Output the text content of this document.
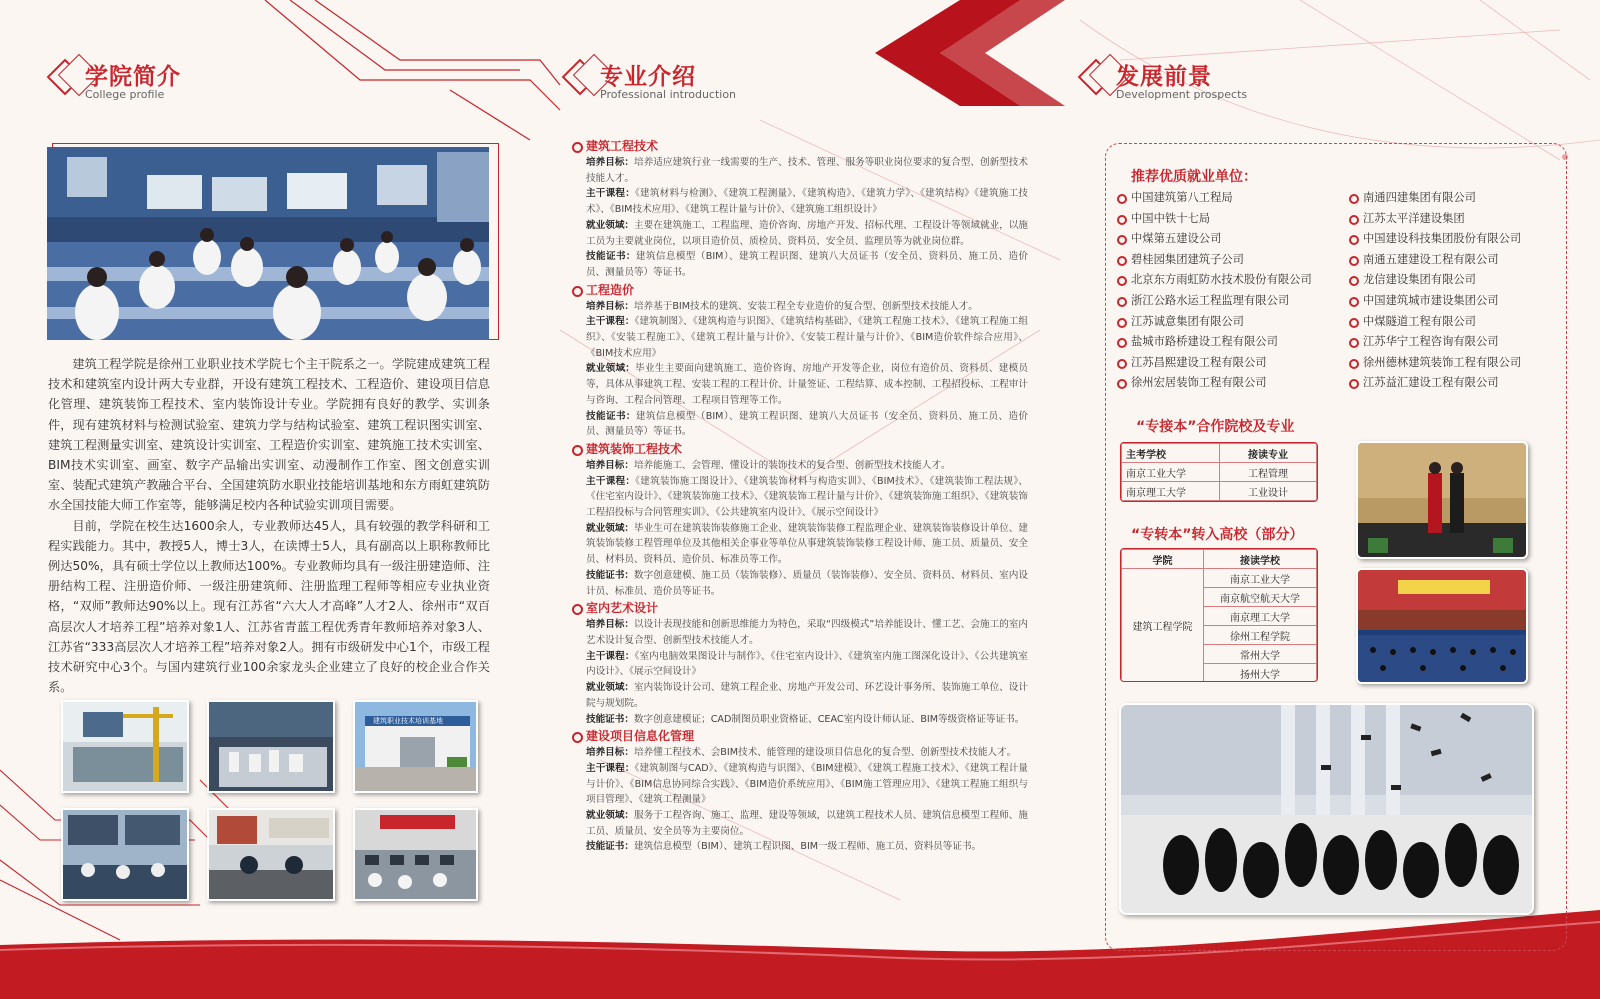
学院简介
College profile

建筑工程学院是徐州工业职业技术学院七个主干院系之一。学院建成建筑工程技术和建筑室内设计两大专业群，开设有建筑工程技术、工程造价、建设项目信息化管理、建筑装饰工程技术、室内装饰设计专业。学院拥有良好的教学、实训条件，现有建筑材料与检测试验室、建筑力学与结构试验室、建筑工程识图实训室、建筑工程测量实训室、建筑设计实训室、工程造价实训室、建筑施工技术实训室、BIM技术实训室、画室、数字产品输出实训室、动漫制作工作室、图文创意实训室、装配式建筑产教融合平台、全国建筑防水职业技能培训基地和东方雨虹建筑防水全国技能大师工作室等，能够满足校内各种试验实训项目需要。

目前，学院在校生达1600余人，专业教师达45人，具有较强的教学科研和工程实践能力。其中，教授5人，博士3人，在读博士5人，具有副高以上职称教师比例达50%，具有硕士学位以上教师达100%。专业教师均具有一级注册建造师、注册结构工程、注册造价师、一级注册建筑师、注册监理工程师等相应专业执业资格，“双师”教师达90%以上。现有江苏省“六大人才高峰”人才2人、徐州市“双百高层次人才培养工程”培养对象1人、江苏省青蓝工程优秀青年教师培养对象3人、江苏省“333高层次人才培养工程”培养对象2人。拥有市级研发中心1个，市级工程技术研究中心3个。与国内建筑行业100余家龙头企业建立了良好的校企业合作关系。

建筑职业技术培训基地
专业介绍
Professional introduction
建筑工程技术
培养目标：培养适应建筑行业一线需要的生产、技术、管理、服务等职业岗位要求的复合型、创新型技术技能人才。
主干课程：《建筑材料与检测》、《建筑工程测量》、《建筑构造》、《建筑力学》、《建筑结构》《建筑施工技术》、《BIM技术应用》、《建筑工程计量与计价》、《建筑施工组织设计》
就业领域：主要在建筑施工、工程监理、造价咨询、房地产开发、招标代理、工程设计等领域就业，以施工员为主要就业岗位，以项目造价员、质检员、资料员、安全员、监理员等为就业岗位群。
技能证书：建筑信息模型（BIM）、建筑工程识图、建筑八大员证书（安全员、资料员、施工员、造价员、测量员等）等证书。
工程造价
培养目标：培养基于BIM技术的建筑、安装工程全专业造价的复合型、创新型技术技能人才。
主干课程：《建筑制图》、《建筑构造与识图》、《建筑结构基础》、《建筑工程施工技术》、《建筑工程施工组织》、《安装工程施工》、《建筑工程计量与计价》、《安装工程计量与计价》、《BIM造价软件综合应用》、《BIM技术应用》
就业领域：毕业生主要面向建筑施工、造价咨询、房地产开发等企业，岗位有造价员、资料员、建模员等，具体从事建筑工程、安装工程的工程计价、计量签证、工程结算、成本控制、工程招投标、工程审计与咨询、工程合同管理、工程项目管理等工作。
技能证书：建筑信息模型（BIM）、建筑工程识图、建筑八大员证书（安全员、资料员、施工员、造价员、测量员等）等证书。
建筑装饰工程技术
培养目标：培养能施工、会管理、懂设计的装饰技术的复合型、创新型技术技能人才。
主干课程：《建筑装饰施工图设计》、《建筑装饰材料与构造实训》、《BIM技术》、《建筑装饰工程法规》、《住宅室内设计》、《建筑装饰施工技术》、《建筑装饰工程计量与计价》、《建筑装饰施工组织》、《建筑装饰工程招投标与合同管理实训》、《公共建筑室内设计》、《展示空间设计》
就业领域：毕业生可在建筑装饰装修施工企业、建筑装饰装修工程监理企业、建筑装饰装修设计单位、建筑装饰装修工程管理单位及其他相关企事业等单位从事建筑装饰装修工程设计师、施工员、质量员、安全员、材料员、资料员、造价员、标准员等工作。
技能证书：数字创意建模、施工员（装饰装修）、质量员（装饰装修）、安全员、资料员、材料员、室内设计员、标准员、造价员等证书。
室内艺术设计
培养目标：以设计表现技能和创新思维能力为特色，采取“四级模式”培养能设计、懂工艺、会施工的室内艺术设计复合型、创新型技术技能人才。
主干课程：《室内电脑效果图设计与制作》、《住宅室内设计》、《建筑室内施工图深化设计》、《公共建筑室内设计》、《展示空间设计》
就业领域：室内装饰设计公司、建筑工程企业、房地产开发公司、环艺设计事务所、装饰施工单位、设计院与规划院。
技能证书：数字创意建模证；CAD制图员职业资格证、CEAC室内设计师认证、BIM等级资格证等证书。
建设项目信息化管理
培养目标：培养懂工程技术、会BIM技术、能管理的建设项目信息化的复合型、创新型技术技能人才。
主干课程：《建筑制图与CAD》、《建筑构造与识图》、《BIM建模》、《建筑工程施工技术》、《建筑工程计量与计价》、《BIM信息协同综合实践》、《BIM造价系统应用》、《BIM施工管理应用》、《建筑工程施工组织与项目管理》、《建筑工程测量》
就业领域：服务于工程咨询、施工、监理、建设等领域，以建筑工程技术人员、建筑信息模型工程师、施工员、质量员、安全员等为主要岗位。
技能证书：建筑信息模型（BIM）、建筑工程识图、BIM一级工程师、施工员、资料员等证书。
发展前景
Development prospects
推荐优质就业单位：
中国建筑第八工程局
中国中铁十七局
中煤第五建设公司
碧桂园集团建筑子公司
北京东方雨虹防水技术股份有限公司
浙江公路水运工程监理有限公司
江苏诚意集团有限公司
盐城市路桥建设工程有限公司
江苏昌熙建设工程有限公司
徐州宏居装饰工程有限公司
南通四建集团有限公司
江苏太平洋建设集团
中国建设科技集团股份有限公司
南通五建建设工程有限公司
龙信建设集团有限公司
中国建筑城市建设集团公司
中煤隧道工程有限公司
江苏华宁工程咨询有限公司
徐州德林建筑装饰工程有限公司
江苏益汇建设工程有限公司
“专接本”合作院校及专业
主考学校	接读专业
南京工业大学	工程管理
南京理工大学	工业设计
“专转本”转入高校（部分）
学院	接读学校
建筑工程学院	南京工业大学
	南京航空航天大学
	南京理工大学
	徐州工程学院
	常州大学
	扬州大学
